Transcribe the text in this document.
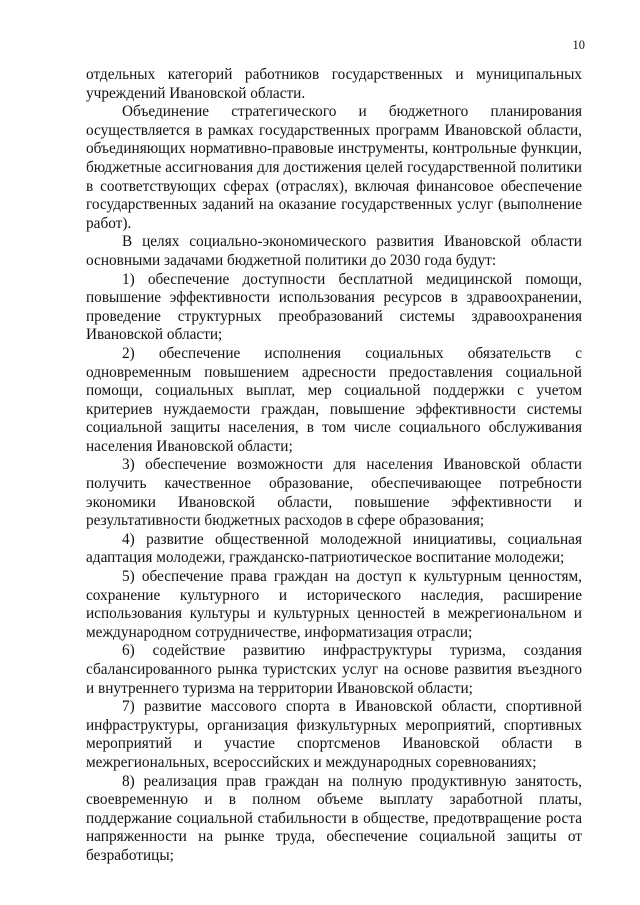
10

отдельных категорий работников государственных и муниципальных учреждений Ивановской области.

Объединение стратегического и бюджетного планирования осуществляется в рамках государственных программ Ивановской области, объединяющих нормативно-правовые инструменты, контрольные функции, бюджетные ассигнования для достижения целей государственной политики в соответствующих сферах (отраслях), включая финансовое обеспечение государственных заданий на оказание государственных услуг (выполнение работ).

В целях социально-экономического развития Ивановской области основными задачами бюджетной политики до 2030 года будут:

1) обеспечение доступности бесплатной медицинской помощи, повышение эффективности использования ресурсов в здравоохранении, проведение структурных преобразований системы здравоохранения Ивановской области;

2) обеспечение исполнения социальных обязательств с одновременным повышением адресности предоставления социальной помощи, социальных выплат, мер социальной поддержки с учетом критериев нуждаемости граждан, повышение эффективности системы социальной защиты населения, в том числе социального обслуживания населения Ивановской области;

3) обеспечение возможности для населения Ивановской области получить качественное образование, обеспечивающее потребности экономики Ивановской области, повышение эффективности и результативности бюджетных расходов в сфере образования;

4) развитие общественной молодежной инициативы, социальная адаптация молодежи, гражданско-патриотическое воспитание молодежи;

5) обеспечение права граждан на доступ к культурным ценностям, сохранение культурного и исторического наследия, расширение использования культуры и культурных ценностей в межрегиональном и международном сотрудничестве, информатизация отрасли;

6) содействие развитию инфраструктуры туризма, создания сбалансированного рынка туристских услуг на основе развития въездного и внутреннего туризма на территории Ивановской области;

7) развитие массового спорта в Ивановской области, спортивной инфраструктуры, организация физкультурных мероприятий, спортивных мероприятий и участие спортсменов Ивановской области в межрегиональных, всероссийских и международных соревнованиях;

8) реализация прав граждан на полную продуктивную занятость, своевременную и в полном объеме выплату заработной платы, поддержание социальной стабильности в обществе, предотвращение роста напряженности на рынке труда, обеспечение социальной защиты от безработицы;
